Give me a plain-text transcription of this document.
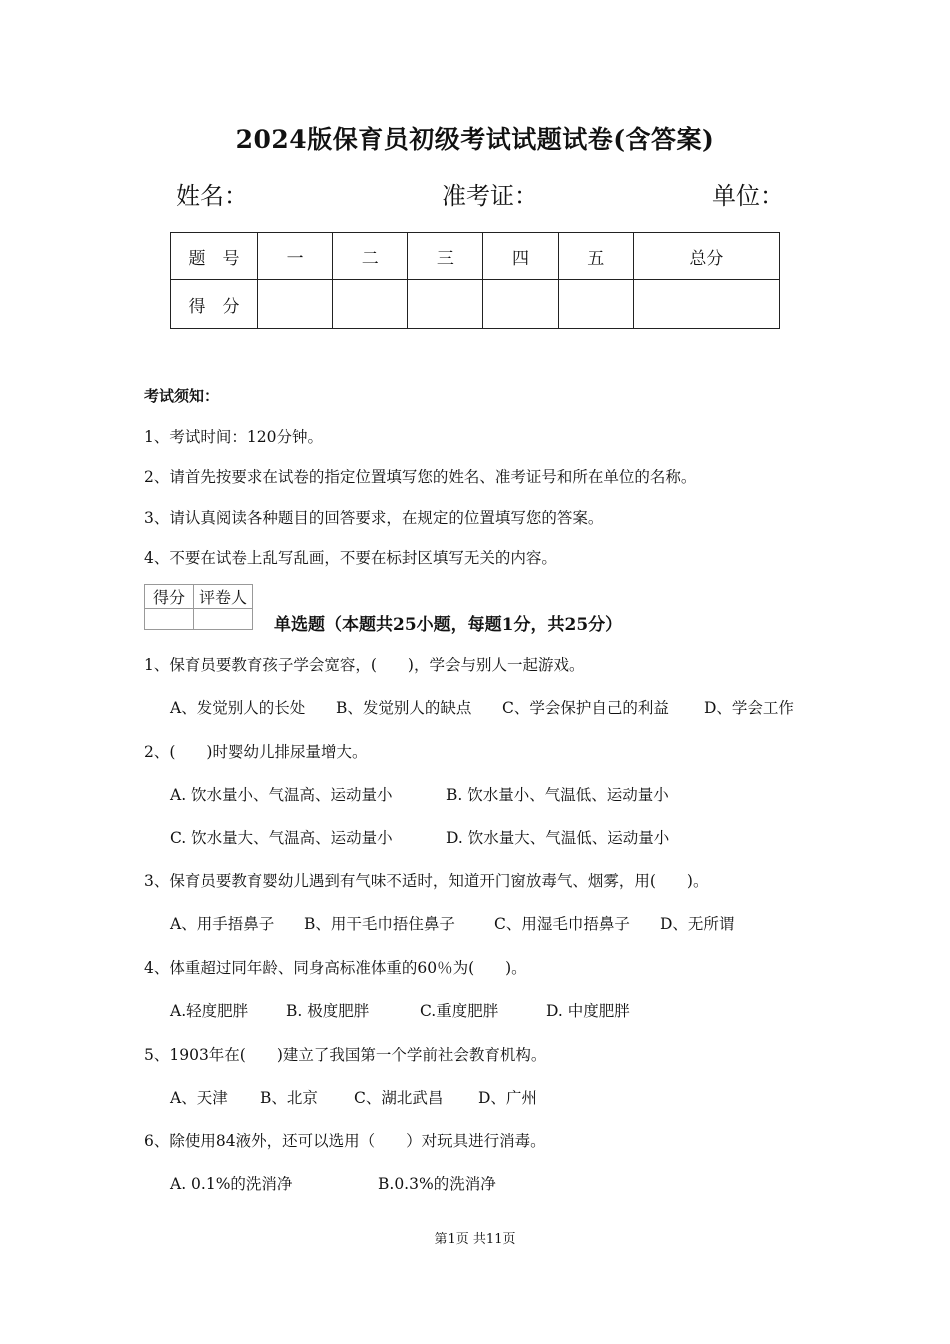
2024版保育员初级考试试题试卷(含答案)
姓名：	准考证：	单位：
题　号	一	二	三	四	五	总分
得　分						
考试须知：
1、考试时间：120分钟。
2、请首先按要求在试卷的指定位置填写您的姓名、准考证号和所在单位的名称。
3、请认真阅读各种题目的回答要求，在规定的位置填写您的答案。
4、不要在试卷上乱写乱画，不要在标封区填写无关的内容。
得分	评卷人

单选题（本题共25小题，每题1分，共25分）
1、保育员要教育孩子学会宽容，(　　)，学会与别人一起游戏。
A、发觉别人的长处 B、发觉别人的缺点 C、学会保护自己的利益 D、学会工作
2、(　　)时婴幼儿排尿量增大。
A. 饮水量小、气温高、运动量小	B. 饮水量小、气温低、运动量小
C. 饮水量大、气温高、运动量小	D. 饮水量大、气温低、运动量小
3、保育员要教育婴幼儿遇到有气味不适时，知道开门窗放毒气、烟雾，用(　　)。
A、用手捂鼻子 B、用干毛巾捂住鼻子	C、用湿毛巾捂鼻子 D、无所谓
4、体重超过同年龄、同身高标准体重的60％为(　　)。
A.轻度肥胖 B. 极度肥胖	C.重度肥胖	D. 中度肥胖
5、1903年在(　　)建立了我国第一个学前社会教育机构。
A、天津 B、北京 C、湖北武昌 D、广州
6、除使用84液外，还可以选用（　　）对玩具进行消毒。
A. 0.1%的洗消净	B.0.3%的洗消净
第1页 共11页
